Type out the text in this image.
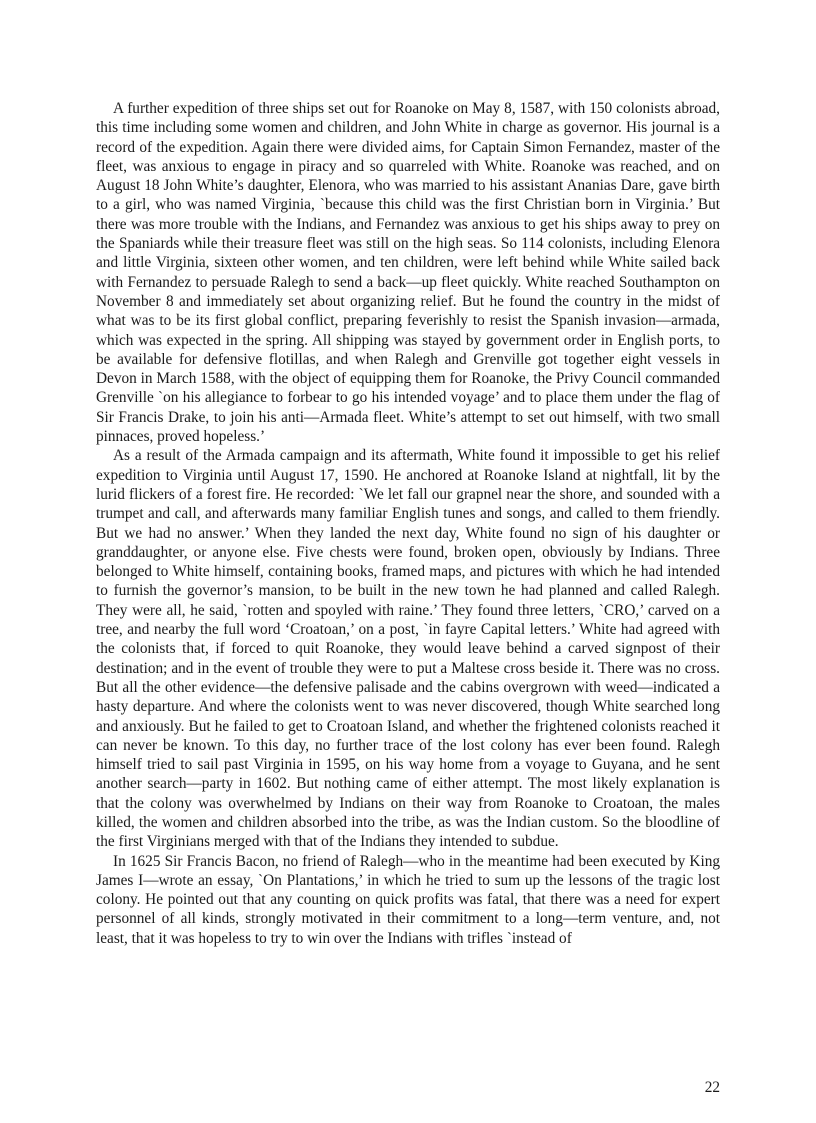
A further expedition of three ships set out for Roanoke on May 8, 1587, with 150 colonists abroad, this time including some women and children, and John White in charge as governor. His journal is a record of the expedition. Again there were divided aims, for Captain Simon Fernandez, master of the fleet, was anxious to engage in piracy and so quarreled with White. Roanoke was reached, and on August 18 John White’s daughter, Elenora, who was married to his assistant Ananias Dare, gave birth to a girl, who was named Virginia, `because this child was the first Christian born in Virginia.’ But there was more trouble with the Indians, and Fernandez was anxious to get his ships away to prey on the Spaniards while their treasure fleet was still on the high seas. So 114 colonists, including Elenora and little Virginia, sixteen other women, and ten children, were left behind while White sailed back with Fernandez to persuade Ralegh to send a back—up fleet quickly. White reached Southampton on November 8 and immediately set about organizing relief. But he found the country in the midst of what was to be its first global conflict, preparing feverishly to resist the Spanish invasion—armada, which was expected in the spring. All shipping was stayed by government order in English ports, to be available for defensive flotillas, and when Ralegh and Grenville got together eight vessels in Devon in March 1588, with the object of equipping them for Roanoke, the Privy Council commanded Grenville `on his allegiance to forbear to go his intended voyage’ and to place them under the flag of Sir Francis Drake, to join his anti—Armada fleet. White’s attempt to set out himself, with two small pinnaces, proved hopeless.’

As a result of the Armada campaign and its aftermath, White found it impossible to get his relief expedition to Virginia until August 17, 1590. He anchored at Roanoke Island at nightfall, lit by the lurid flickers of a forest fire. He recorded: `We let fall our grapnel near the shore, and sounded with a trumpet and call, and afterwards many familiar English tunes and songs, and called to them friendly. But we had no answer.’ When they landed the next day, White found no sign of his daughter or granddaughter, or anyone else. Five chests were found, broken open, obviously by Indians. Three belonged to White himself, containing books, framed maps, and pictures with which he had intended to furnish the governor’s mansion, to be built in the new town he had planned and called Ralegh. They were all, he said, `rotten and spoyled with raine.’ They found three letters, `CRO,’ carved on a tree, and nearby the full word ‘Croatoan,’ on a post, `in fayre Capital letters.’ White had agreed with the colonists that, if forced to quit Roanoke, they would leave behind a carved signpost of their destination; and in the event of trouble they were to put a Maltese cross beside it. There was no cross. But all the other evidence—the defensive palisade and the cabins overgrown with weed—indicated a hasty departure. And where the colonists went to was never discovered, though White searched long and anxiously. But he failed to get to Croatoan Island, and whether the frightened colonists reached it can never be known. To this day, no further trace of the lost colony has ever been found. Ralegh himself tried to sail past Virginia in 1595, on his way home from a voyage to Guyana, and he sent another search—party in 1602. But nothing came of either attempt. The most likely explanation is that the colony was overwhelmed by Indians on their way from Roanoke to Croatoan, the males killed, the women and children absorbed into the tribe, as was the Indian custom. So the bloodline of the first Virginians merged with that of the Indians they intended to subdue.

In 1625 Sir Francis Bacon, no friend of Ralegh—who in the meantime had been executed by King James I—wrote an essay, `On Plantations,’ in which he tried to sum up the lessons of the tragic lost colony. He pointed out that any counting on quick profits was fatal, that there was a need for expert personnel of all kinds, strongly motivated in their commitment to a long—term venture, and, not least, that it was hopeless to try to win over the Indians with trifles `instead of

22
